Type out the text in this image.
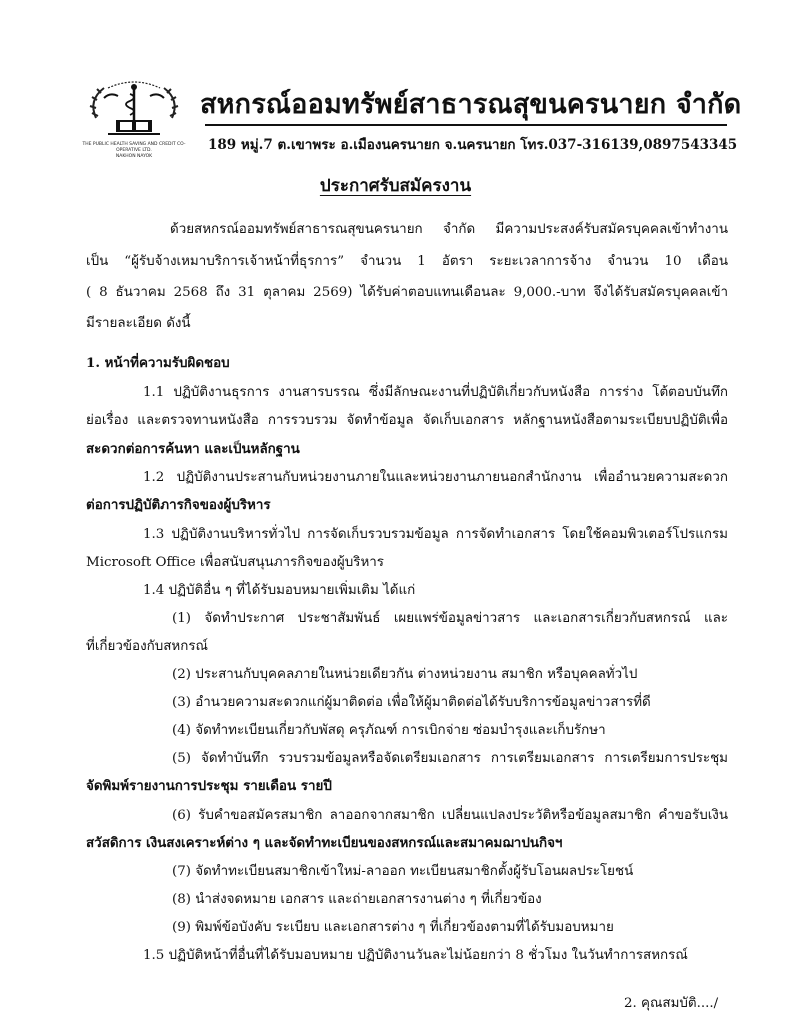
THE PUBLIC HEALTH SAVING AND CREDIT CO-OPERATIVE LTD.
NAKHON NAYOK
สหกรณ์ออมทรัพย์สาธารณสุขนครนายก จำกัด
189 หมู่.7 ต.เขาพระ อ.เมืองนครนายก จ.นครนายก โทร.037-316139,0897543345
ประกาศรับสมัครงาน
ด้วยสหกรณ์ออมทรัพย์สาธารณสุขนครนายก จำกัด มีความประสงค์รับสมัครบุคคลเข้าทำงาน
เป็น “ผู้รับจ้างเหมาบริการเจ้าหน้าที่ธุรการ” จำนวน 1 อัตรา ระยะเวลาการจ้าง จำนวน 10 เดือน
( 8 ธันวาคม 2568 ถึง 31 ตุลาคม 2569) ได้รับค่าตอบแทนเดือนละ 9,000.-บาท จึงได้รับสมัครบุคคลเข้า
มีรายละเอียด ดังนี้
1. หน้าที่ความรับผิดชอบ
1.1 ปฏิบัติงานธุรการ งานสารบรรณ ซึ่งมีลักษณะงานที่ปฏิบัติเกี่ยวกับหนังสือ การร่าง โต้ตอบบันทึก
ย่อเรื่อง และตรวจทานหนังสือ การรวบรวม จัดทำข้อมูล จัดเก็บเอกสาร หลักฐานหนังสือตามระเบียบปฏิบัติเพื่อ
สะดวกต่อการค้นหา และเป็นหลักฐาน
1.2 ปฏิบัติงานประสานกับหน่วยงานภายในและหน่วยงานภายนอกสำนักงาน เพื่ออำนวยความสะดวก
ต่อการปฏิบัติภารกิจของผู้บริหาร
1.3 ปฏิบัติงานบริหารทั่วไป การจัดเก็บรวบรวมข้อมูล การจัดทำเอกสาร โดยใช้คอมพิวเตอร์โปรแกรม
Microsoft Office เพื่อสนับสนุนภารกิจของผู้บริหาร
1.4 ปฏิบัติอื่น ๆ ที่ได้รับมอบหมายเพิ่มเติม ได้แก่
(1) จัดทำประกาศ ประชาสัมพันธ์ เผยแพร่ข้อมูลข่าวสาร และเอกสารเกี่ยวกับสหกรณ์ และ
ที่เกี่ยวข้องกับสหกรณ์
(2) ประสานกับบุคคลภายในหน่วยเดียวกัน ต่างหน่วยงาน สมาชิก หรือบุคคลทั่วไป
(3) อำนวยความสะดวกแก่ผู้มาติดต่อ เพื่อให้ผู้มาติดต่อได้รับบริการข้อมูลข่าวสารที่ดี
(4) จัดทำทะเบียนเกี่ยวกับพัสดุ ครุภัณฑ์ การเบิกจ่าย ซ่อมบำรุงและเก็บรักษา
(5) จัดทำบันทึก รวบรวมข้อมูลหรือจัดเตรียมเอกสาร การเตรียมเอกสาร การเตรียมการประชุม
จัดพิมพ์รายงานการประชุม รายเดือน รายปี
(6) รับคำขอสมัครสมาชิก ลาออกจากสมาชิก เปลี่ยนแปลงประวัติหรือข้อมูลสมาชิก คำขอรับเงิน
สวัสดิการ เงินสงเคราะห์ต่าง ๆ และจัดทำทะเบียนของสหกรณ์และสมาคมฌาปนกิจฯ
(7) จัดทำทะเบียนสมาชิกเข้าใหม่-ลาออก ทะเบียนสมาชิกตั้งผู้รับโอนผลประโยชน์
(8) นำส่งจดหมาย เอกสาร และถ่ายเอกสารงานต่าง ๆ ที่เกี่ยวข้อง
(9) พิมพ์ข้อบังคับ ระเบียบ และเอกสารต่าง ๆ ที่เกี่ยวข้องตามที่ได้รับมอบหมาย
1.5 ปฏิบัติหน้าที่อื่นที่ได้รับมอบหมาย ปฏิบัติงานวันละไม่น้อยกว่า 8 ชั่วโมง ในวันทำการสหกรณ์
2. คุณสมบัติ..../
